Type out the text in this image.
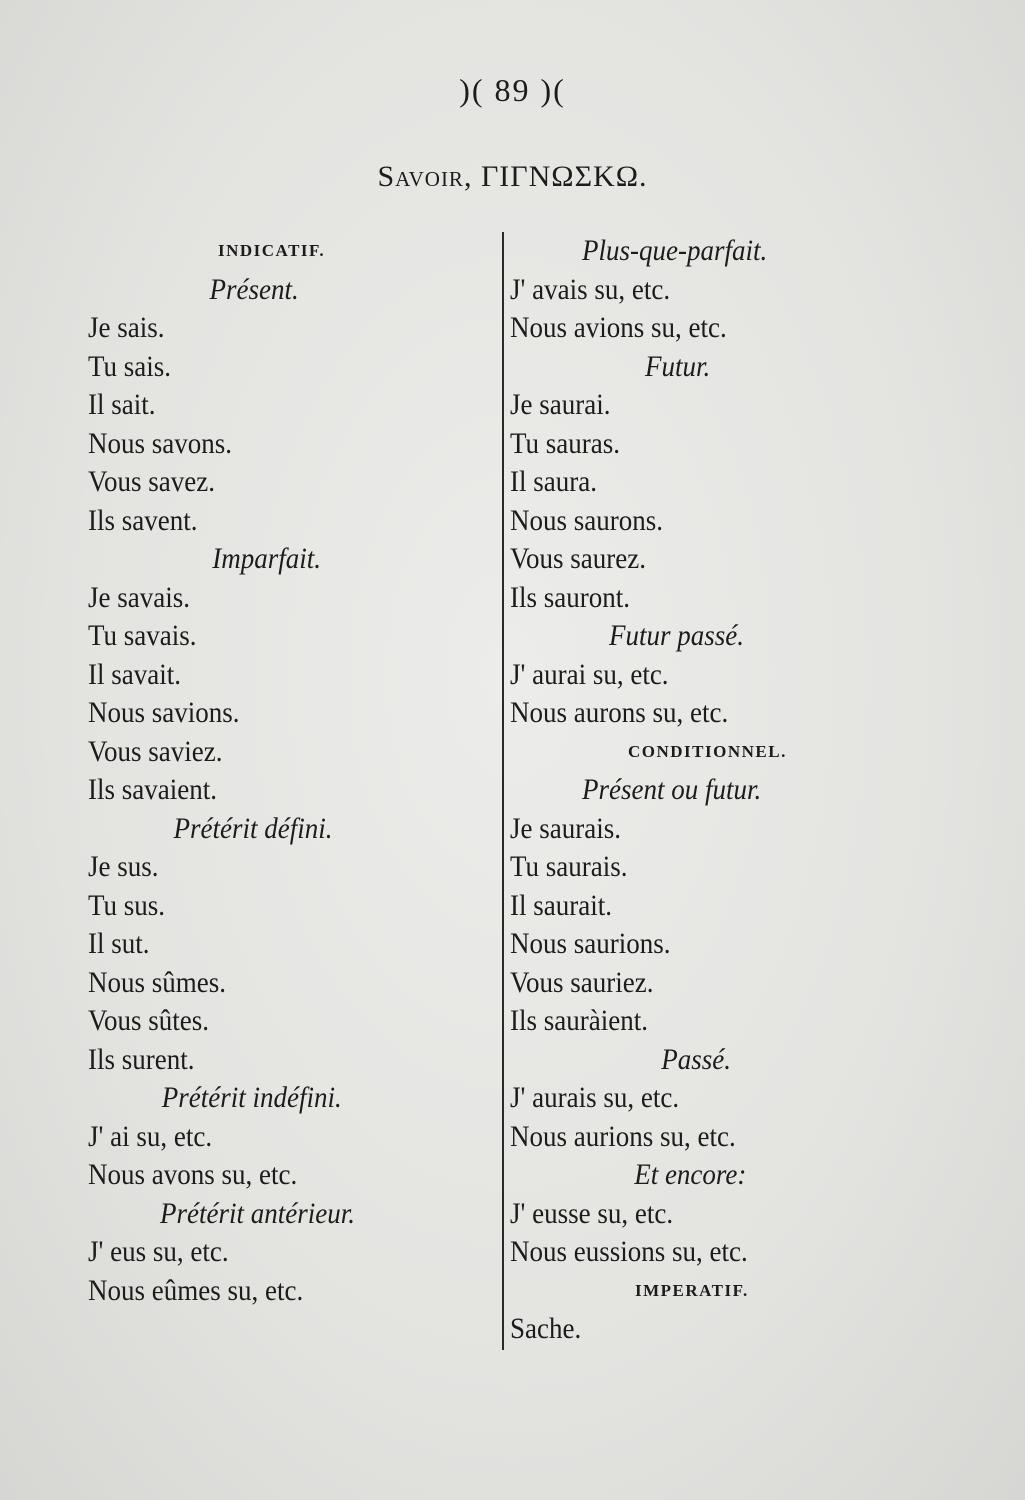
)( 89 )(
Savoir, ΓΙΓΝΩΣΚΩ.
INDICATIF.
Présent.
Je sais.
Tu sais.
Il sait.
Nous savons.
Vous savez.
Ils savent.
Imparfait.
Je savais.
Tu savais.
Il savait.
Nous savions.
Vous saviez.
Ils savaient.
Prétérit défini.
Je sus.
Tu sus.
Il sut.
Nous sûmes.
Vous sûtes.
Ils surent.
Prétérit indéfini.
J' ai su, etc.
Nous avons su, etc.
Prétérit antérieur.
J' eus su, etc.
Nous eûmes su, etc.
Plus-que-parfait.
J' avais su, etc.
Nous avions su, etc.
Futur.
Je saurai.
Tu sauras.
Il saura.
Nous saurons.
Vous saurez.
Ils sauront.
Futur passé.
J' aurai su, etc.
Nous aurons su, etc.
CONDITIONNEL.
Présent ou futur.
Je saurais.
Tu saurais.
Il saurait.
Nous saurions.
Vous sauriez.
Ils sauràient.
Passé.
J' aurais su, etc.
Nous aurions su, etc.
Et encore:
J' eusse su, etc.
Nous eussions su, etc.
IMPERATIF.
Sache.
